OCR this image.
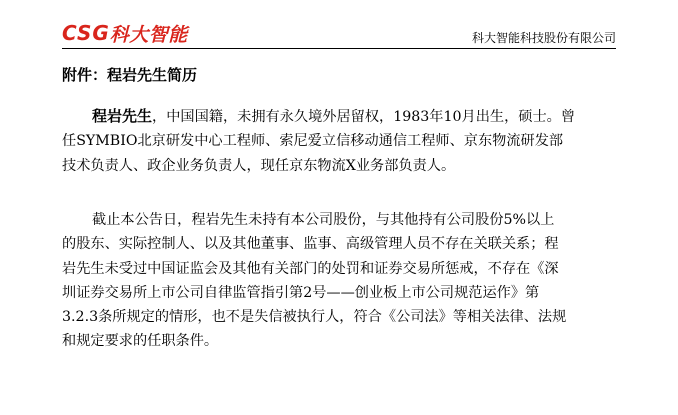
CSG 科大智能	科大智能科技股份有限公司
附件：程岩先生简历
程岩先生，中国国籍，未拥有永久境外居留权，1983年10月出生，硕士。曾
任SYMBIO北京研发中心工程师、索尼爱立信移动通信工程师、京东物流研发部
技术负责人、政企业务负责人，现任京东物流X业务部负责人。
截止本公告日，程岩先生未持有本公司股份，与其他持有公司股份5%以上
的股东、实际控制人、以及其他董事、监事、高级管理人员不存在关联关系；程
岩先生未受过中国证监会及其他有关部门的处罚和证券交易所惩戒，不存在《深
圳证券交易所上市公司自律监管指引第2号——创业板上市公司规范运作》第
3.2.3条所规定的情形，也不是失信被执行人，符合《公司法》等相关法律、法规
和规定要求的任职条件。
